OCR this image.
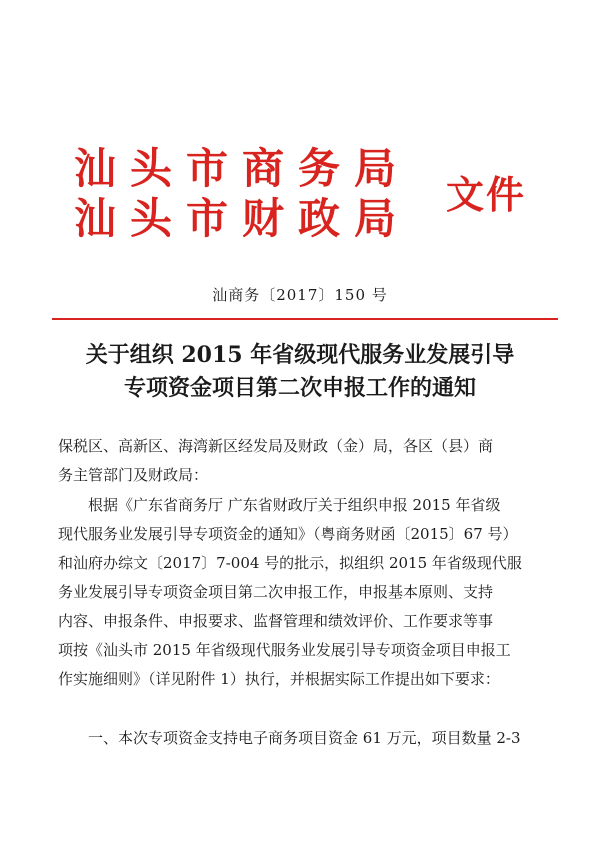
汕头市商务局
汕头市财政局 文件
汕商务〔2017〕150 号
关于组织 2015 年省级现代服务业发展引导
专项资金项目第二次申报工作的通知
保税区、高新区、海湾新区经发局及财政（金）局，各区（县）商
务主管部门及财政局：
根据《广东省商务厅 广东省财政厅关于组织申报 2015 年省级
现代服务业发展引导专项资金的通知》（粤商务财函〔2015〕67 号）
和汕府办综文〔2017〕7-004 号的批示，拟组织 2015 年省级现代服
务业发展引导专项资金项目第二次申报工作，申报基本原则、支持
内容、申报条件、申报要求、监督管理和绩效评价、工作要求等事
项按《汕头市 2015 年省级现代服务业发展引导专项资金项目申报工
作实施细则》（详见附件 1）执行，并根据实际工作提出如下要求：
一、本次专项资金支持电子商务项目资金 61 万元，项目数量 2-3
